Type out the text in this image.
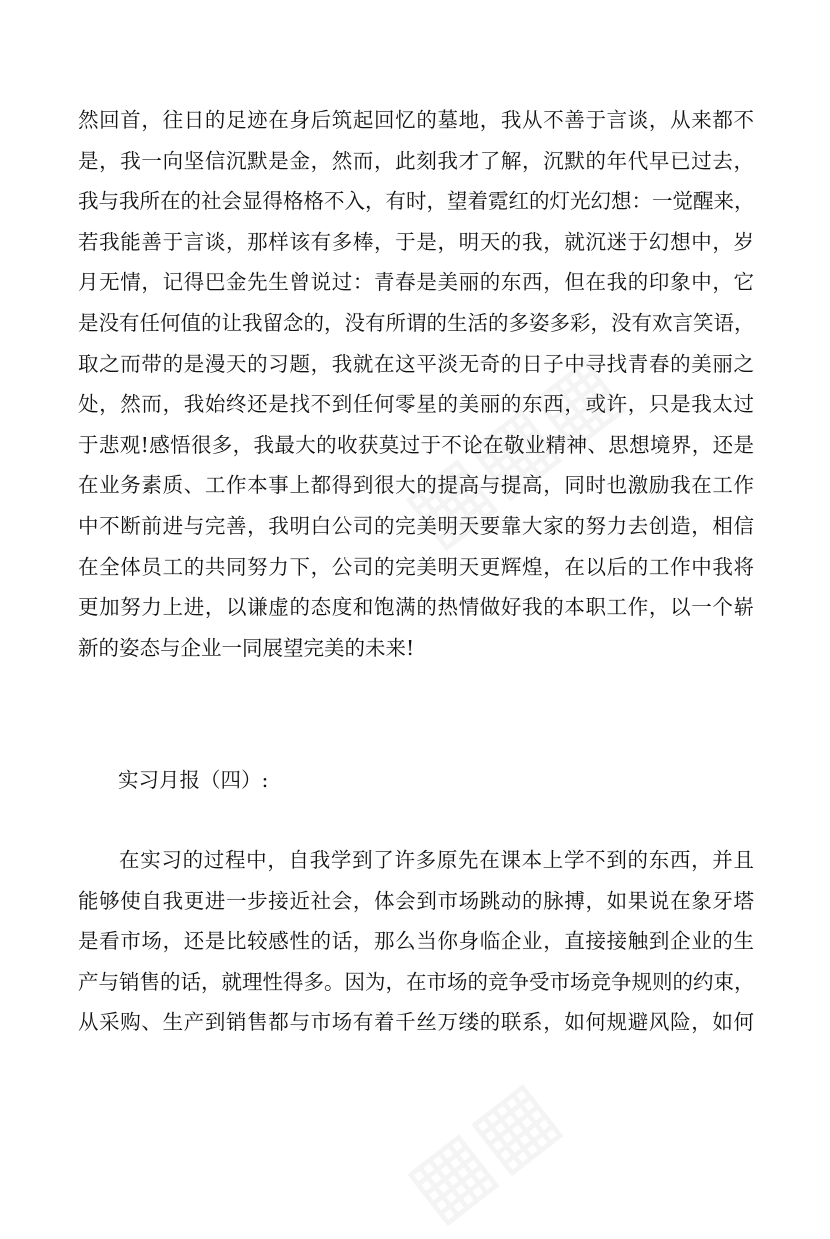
然回首，往日的足迹在身后筑起回忆的墓地，我从不善于言谈，从来都不
是，我一向坚信沉默是金，然而，此刻我才了解，沉默的年代早已过去，
我与我所在的社会显得格格不入，有时，望着霓红的灯光幻想：一觉醒来，
若我能善于言谈，那样该有多棒，于是，明天的我，就沉迷于幻想中，岁
月无情，记得巴金先生曾说过：青春是美丽的东西，但在我的印象中，它
是没有任何值的让我留念的，没有所谓的生活的多姿多彩，没有欢言笑语，
取之而带的是漫天的习题，我就在这平淡无奇的日子中寻找青春的美丽之
处，然而，我始终还是找不到任何零星的美丽的东西，或许，只是我太过
于悲观!感悟很多，我最大的收获莫过于不论在敬业精神、思想境界，还是
在业务素质、工作本事上都得到很大的提高与提高，同时也激励我在工作
中不断前进与完善，我明白公司的完美明天要靠大家的努力去创造，相信
在全体员工的共同努力下，公司的完美明天更辉煌，在以后的工作中我将
更加努力上进，以谦虚的态度和饱满的热情做好我的本职工作，以一个崭
新的姿态与企业一同展望完美的未来!
实习月报（四）:
在实习的过程中，自我学到了许多原先在课本上学不到的东西，并且
能够使自我更进一步接近社会，体会到市场跳动的脉搏，如果说在象牙塔
是看市场，还是比较感性的话，那么当你身临企业，直接接触到企业的生
产与销售的话，就理性得多。因为，在市场的竞争受市场竞争规则的约束，
从采购、生产到销售都与市场有着千丝万缕的联系，如何规避风险，如何
